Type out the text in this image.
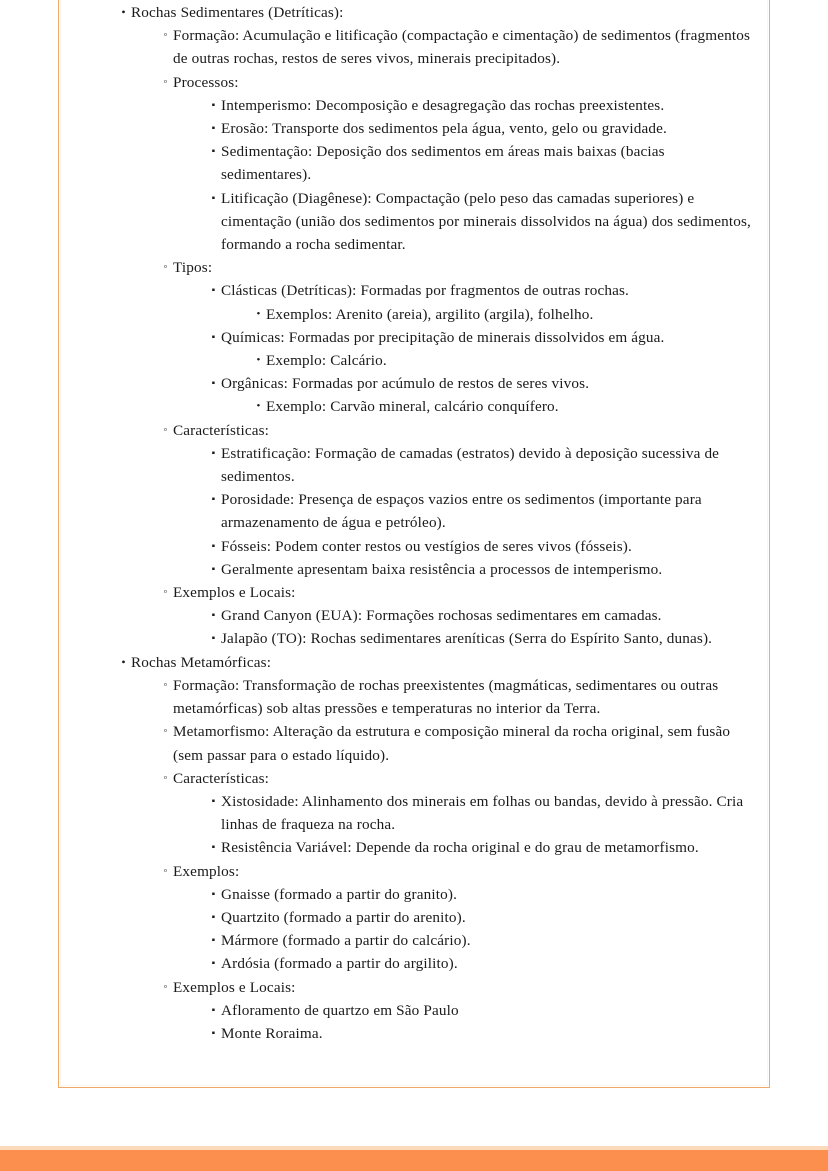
• Rochas Sedimentares (Detríticas):
◦ Formação: Acumulação e litificação (compactação e cimentação) de sedimentos (fragmentos de outras rochas, restos de seres vivos, minerais precipitados).
◦ Processos:
▪ Intemperismo: Decomposição e desagregação das rochas preexistentes.
▪ Erosão: Transporte dos sedimentos pela água, vento, gelo ou gravidade.
▪ Sedimentação: Deposição dos sedimentos em áreas mais baixas (bacias sedimentares).
▪ Litificação (Diagênese): Compactação (pelo peso das camadas superiores) e cimentação (união dos sedimentos por minerais dissolvidos na água) dos sedimentos, formando a rocha sedimentar.
◦ Tipos:
▪ Clásticas (Detríticas): Formadas por fragmentos de outras rochas.
• Exemplos: Arenito (areia), argilito (argila), folhelho.
▪ Químicas: Formadas por precipitação de minerais dissolvidos em água.
• Exemplo: Calcário.
▪ Orgânicas: Formadas por acúmulo de restos de seres vivos.
• Exemplo: Carvão mineral, calcário conquífero.
◦ Características:
▪ Estratificação: Formação de camadas (estratos) devido à deposição sucessiva de sedimentos.
▪ Porosidade: Presença de espaços vazios entre os sedimentos (importante para armazenamento de água e petróleo).
▪ Fósseis: Podem conter restos ou vestígios de seres vivos (fósseis).
▪ Geralmente apresentam baixa resistência a processos de intemperismo.
◦ Exemplos e Locais:
▪ Grand Canyon (EUA): Formações rochosas sedimentares em camadas.
▪ Jalapão (TO): Rochas sedimentares areníticas (Serra do Espírito Santo, dunas).
• Rochas Metamórficas:
◦ Formação: Transformação de rochas preexistentes (magmáticas, sedimentares ou outras metamórficas) sob altas pressões e temperaturas no interior da Terra.
◦ Metamorfismo: Alteração da estrutura e composição mineral da rocha original, sem fusão (sem passar para o estado líquido).
◦ Características:
▪ Xistosidade: Alinhamento dos minerais em folhas ou bandas, devido à pressão. Cria linhas de fraqueza na rocha.
▪ Resistência Variável: Depende da rocha original e do grau de metamorfismo.
◦ Exemplos:
▪ Gnaisse (formado a partir do granito).
▪ Quartzito (formado a partir do arenito).
▪ Mármore (formado a partir do calcário).
▪ Ardósia (formado a partir do argilito).
◦ Exemplos e Locais:
▪ Afloramento de quartzo em São Paulo
▪ Monte Roraima.
